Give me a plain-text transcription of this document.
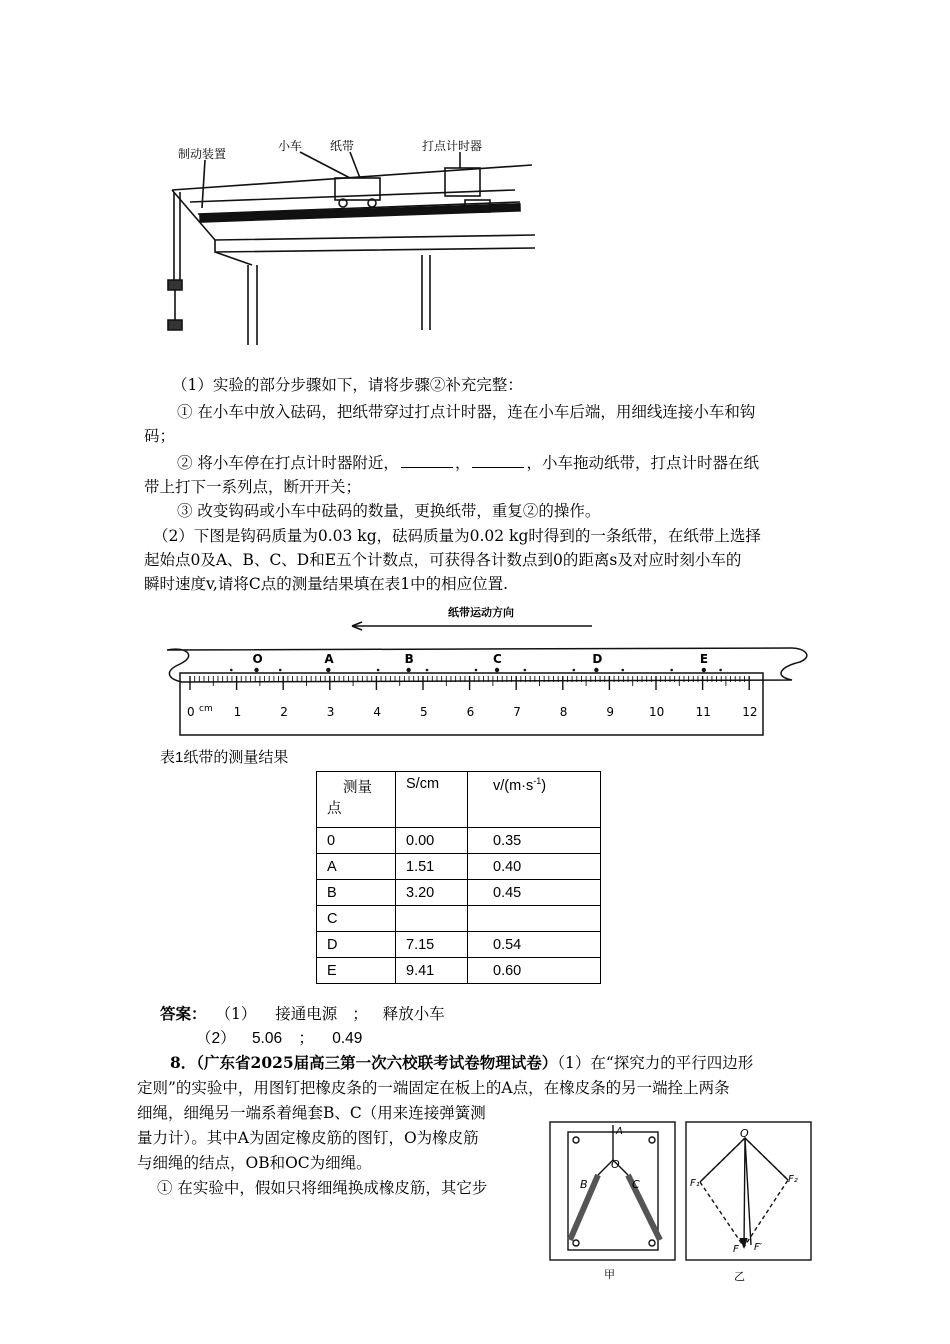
制动装置
小车 纸带	打点计时器
（1）实验的部分步骤如下，请将步骤②补充完整：
① 在小车中放入砝码，把纸带穿过打点计时器，连在小车后端，用细线连接小车和钩
码；
② 将小车停在打点计时器附近，	，	，小车拖动纸带，打点计时器在纸
带上打下一系列点，断开开关；
③ 改变钩码或小车中砝码的数量，更换纸带，重复②的操作。
（2）下图是钩码质量为0.03 kg，砝码质量为0.02 kg时得到的一条纸带，在纸带上选择
起始点0及A、B、C、D和E五个计数点，可获得各计数点到0的距离s及对应时刻小车的
瞬时速度v,请将C点的测量结果填在表1中的相应位置.
纸带运动方向
O	A	B	C	D	E
0	1	2	3	4	5	6	7	8	9	10	11	12
cm
表1纸带的测量结果
测量
点	S/cm	$v/(m\cdot s^{-1})$
0	0.00	0.35
A	1.51	0.40
B	3.20	0.45
C		
D	7.15	0.54
E	9.41	0.60
答案： （1） 接通电源 ； 释放小车
（2） 5.06 ； 0.49
8．（广东省2025届高三第一次六校联考试卷物理试卷）（1）在“探究力的平行四边形
定则”的实验中，用图钉把橡皮条的一端固定在板上的A点，在橡皮条的另一端拴上两条
细绳，细绳另一端系着绳套B、C（用来连接弹簧测
量力计）。其中A为固定橡皮筋的图钉，O为橡皮筋
与细绳的结点，OB和OC为细绳。
① 在实验中，假如只将细绳换成橡皮筋，其它步
A
O
B	C
甲
O
F₁	F₂
F F′
乙
